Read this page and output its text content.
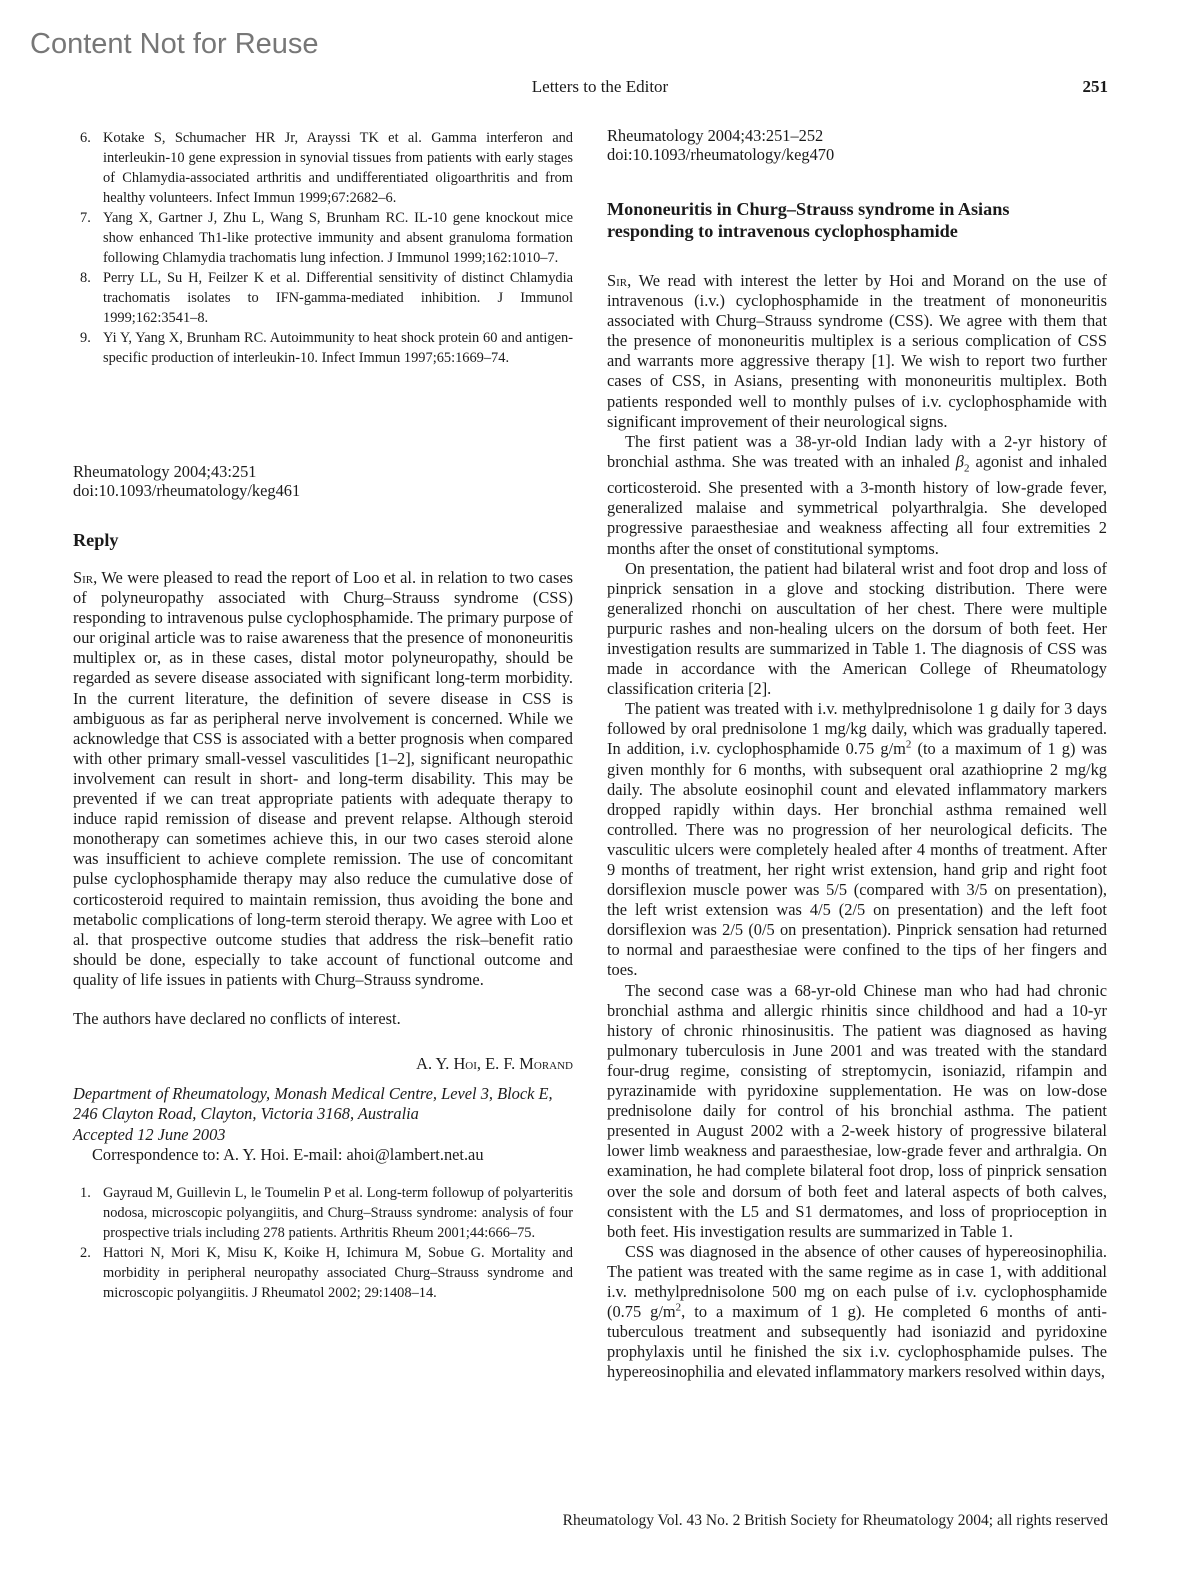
Content Not for Reuse
Letters to the Editor	251
6. Kotake S, Schumacher HR Jr, Arayssi TK et al. Gamma interferon and interleukin-10 gene expression in synovial tissues from patients with early stages of Chlamydia-associated arthritis and undifferentiated oligoarthritis and from healthy volunteers. Infect Immun 1999;67:2682–6.
7. Yang X, Gartner J, Zhu L, Wang S, Brunham RC. IL-10 gene knockout mice show enhanced Th1-like protective immunity and absent granuloma formation following Chlamydia trachomatis lung infection. J Immunol 1999;162:1010–7.
8. Perry LL, Su H, Feilzer K et al. Differential sensitivity of distinct Chlamydia trachomatis isolates to IFN-gamma-mediated inhibition. J Immunol 1999;162:3541–8.
9. Yi Y, Yang X, Brunham RC. Autoimmunity to heat shock protein 60 and antigen-specific production of interleukin-10. Infect Immun 1997;65:1669–74.
Rheumatology 2004;43:251
doi:10.1093/rheumatology/keg461
Reply

Sir, We were pleased to read the report of Loo et al. in relation to two cases of polyneuropathy associated with Churg–Strauss syndrome (CSS) responding to intravenous pulse cyclophosphamide. The primary purpose of our original article was to raise awareness that the presence of mononeuritis multiplex or, as in these cases, distal motor polyneuropathy, should be regarded as severe disease associated with significant long-term morbidity. In the current literature, the definition of severe disease in CSS is ambiguous as far as peripheral nerve involvement is concerned. While we acknowledge that CSS is associated with a better prognosis when compared with other primary small-vessel vasculitides [1–2], significant neuropathic involvement can result in short- and long-term disability. This may be prevented if we can treat appropriate patients with adequate therapy to induce rapid remission of disease and prevent relapse. Although steroid monotherapy can sometimes achieve this, in our two cases steroid alone was insufficient to achieve complete remission. The use of concomitant pulse cyclophosphamide therapy may also reduce the cumulative dose of corticosteroid required to maintain remission, thus avoiding the bone and metabolic complications of long-term steroid therapy. We agree with Loo et al. that prospective outcome studies that address the risk–benefit ratio should be done, especially to take account of functional outcome and quality of life issues in patients with Churg–Strauss syndrome.

The authors have declared no conflicts of interest.

A. Y. Hoi, E. F. Morand

Department of Rheumatology, Monash Medical Centre, Level 3, Block E, 246 Clayton Road, Clayton, Victoria 3168, Australia

Accepted 12 June 2003

Correspondence to: A. Y. Hoi. E-mail: ahoi@lambert.net.au

1. Gayraud M, Guillevin L, le Toumelin P et al. Long-term followup of polyarteritis nodosa, microscopic polyangiitis, and Churg–Strauss syndrome: analysis of four prospective trials including 278 patients. Arthritis Rheum 2001;44:666–75.
2. Hattori N, Mori K, Misu K, Koike H, Ichimura M, Sobue G. Mortality and morbidity in peripheral neuropathy associated Churg–Strauss syndrome and microscopic polyangiitis. J Rheumatol 2002; 29:1408–14.
Rheumatology 2004;43:251–252
doi:10.1093/rheumatology/keg470
Mononeuritis in Churg–Strauss syndrome in Asians
responding to intravenous cyclophosphamide

Sir, We read with interest the letter by Hoi and Morand on the use of intravenous (i.v.) cyclophosphamide in the treatment of mononeuritis associated with Churg–Strauss syndrome (CSS). We agree with them that the presence of mononeuritis multiplex is a serious complication of CSS and warrants more aggressive therapy [1]. We wish to report two further cases of CSS, in Asians, presenting with mononeuritis multiplex. Both patients responded well to monthly pulses of i.v. cyclophosphamide with significant improvement of their neurological signs.

The first patient was a 38-yr-old Indian lady with a 2-yr history of bronchial asthma. She was treated with an inhaled $\beta_2$ agonist and inhaled corticosteroid. She presented with a 3-month history of low-grade fever, generalized malaise and symmetrical polyarthralgia. She developed progressive paraesthesiae and weakness affecting all four extremities 2 months after the onset of constitutional symptoms.

On presentation, the patient had bilateral wrist and foot drop and loss of pinprick sensation in a glove and stocking distribution. There were generalized rhonchi on auscultation of her chest. There were multiple purpuric rashes and non-healing ulcers on the dorsum of both feet. Her investigation results are summarized in Table 1. The diagnosis of CSS was made in accordance with the American College of Rheumatology classification criteria [2].

The patient was treated with i.v. methylprednisolone 1 g daily for 3 days followed by oral prednisolone 1 mg/kg daily, which was gradually tapered. In addition, i.v. cyclophosphamide 0.75 $g/m^2$ (to a maximum of 1 g) was given monthly for 6 months, with subsequent oral azathioprine 2 mg/kg daily. The absolute eosinophil count and elevated inflammatory markers dropped rapidly within days. Her bronchial asthma remained well controlled. There was no progression of her neurological deficits. The vasculitic ulcers were completely healed after 4 months of treatment. After 9 months of treatment, her right wrist extension, hand grip and right foot dorsiflexion muscle power was 5/5 (compared with 3/5 on presentation), the left wrist extension was 4/5 (2/5 on presentation) and the left foot dorsiflexion was 2/5 (0/5 on presentation). Pinprick sensation had returned to normal and paraesthesiae were confined to the tips of her fingers and toes.

The second case was a 68-yr-old Chinese man who had had chronic bronchial asthma and allergic rhinitis since childhood and had a 10-yr history of chronic rhinosinusitis. The patient was diagnosed as having pulmonary tuberculosis in June 2001 and was treated with the standard four-drug regime, consisting of streptomycin, isoniazid, rifampin and pyrazinamide with pyridoxine supplementation. He was on low-dose prednisolone daily for control of his bronchial asthma. The patient presented in August 2002 with a 2-week history of progressive bilateral lower limb weakness and paraesthesiae, low-grade fever and arthralgia. On examination, he had complete bilateral foot drop, loss of pinprick sensation over the sole and dorsum of both feet and lateral aspects of both calves, consistent with the L5 and S1 dermatomes, and loss of proprioception in both feet. His investigation results are summarized in Table 1.

CSS was diagnosed in the absence of other causes of hypereosinophilia. The patient was treated with the same regime as in case 1, with additional i.v. methylprednisolone 500 mg on each pulse of i.v. cyclophosphamide (0.75 $g/m^2$, to a maximum of 1 g). He completed 6 months of anti-tuberculous treatment and subsequently had isoniazid and pyridoxine prophylaxis until he finished the six i.v. cyclophosphamide pulses. The hypereosinophilia and elevated inflammatory markers resolved within days,

Rheumatology Vol. 43 No. 2 British Society for Rheumatology 2004; all rights reserved
